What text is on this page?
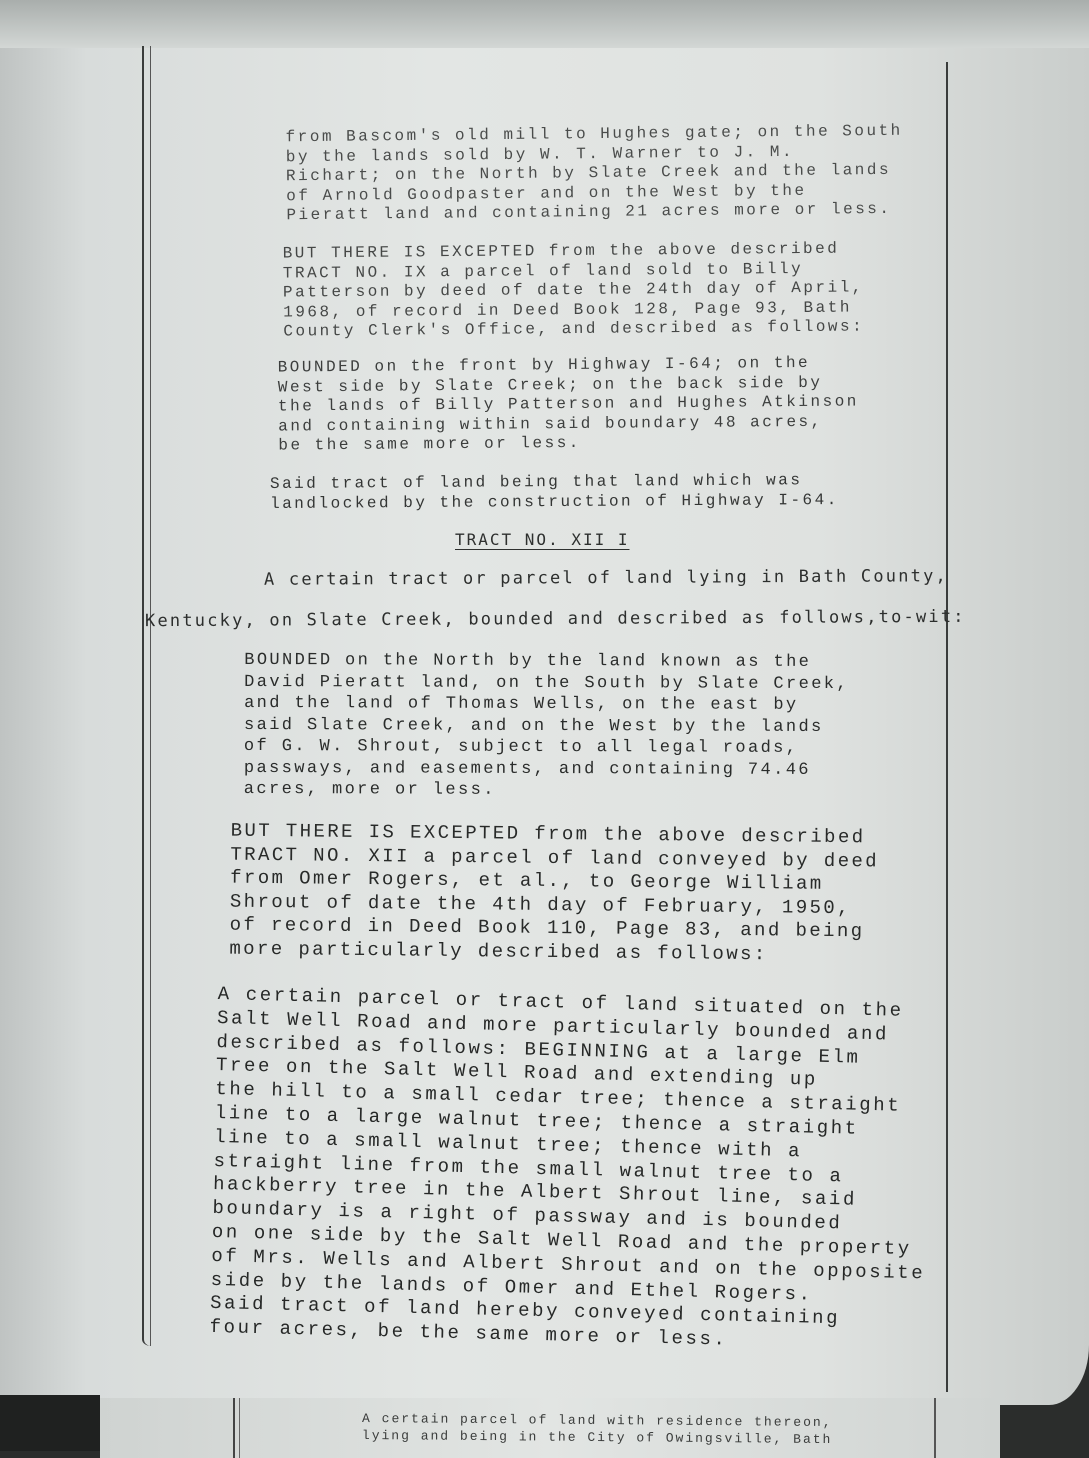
from Bascom's old mill to Hughes gate; on the South
by the lands sold by W. T. Warner to J. M.
Richart; on the North by Slate Creek and the lands
of Arnold Goodpaster and on the West by the
Pieratt land and containing 21 acres more or less.
BUT THERE IS EXCEPTED from the above described
TRACT NO. IX a parcel of land sold to Billy
Patterson by deed of date the 24th day of April,
1968, of record in Deed Book 128, Page 93, Bath
County Clerk's Office, and described as follows:
BOUNDED on the front by Highway I-64; on the
West side by Slate Creek; on the back side by
the lands of Billy Patterson and Hughes Atkinson
and containing within said boundary 48 acres,
be the same more or less.
Said tract of land being that land which was
landlocked by the construction of Highway I-64.
TRACT NO. XII I
A certain tract or parcel of land lying in Bath County,
Kentucky, on Slate Creek, bounded and described as follows,to-wit:
BOUNDED on the North by the land known as the
David Pieratt land, on the South by Slate Creek,
and the land of Thomas Wells, on the east by
said Slate Creek, and on the West by the lands
of G. W. Shrout, subject to all legal roads,
passways, and easements, and containing 74.46
acres, more or less.
BUT THERE IS EXCEPTED from the above described
TRACT NO. XII a parcel of land conveyed by deed
from Omer Rogers, et al., to George William
Shrout of date the 4th day of February, 1950,
of record in Deed Book 110, Page 83, and being
more particularly described as follows:
A certain parcel or tract of land situated on the
Salt Well Road and more particularly bounded and
described as follows: BEGINNING at a large Elm
Tree on the Salt Well Road and extending up
the hill to a small cedar tree; thence a straight
line to a large walnut tree; thence a straight
line to a small walnut tree; thence with a
straight line from the small walnut tree to a
hackberry tree in the Albert Shrout line, said
boundary is a right of passway and is bounded
on one side by the Salt Well Road and the property
of Mrs. Wells and Albert Shrout and on the opposite
side by the lands of Omer and Ethel Rogers.
Said tract of land hereby conveyed containing
four acres, be the same more or less.
A certain parcel of land with residence thereon,
lying and being in the City of Owingsville, Bath
